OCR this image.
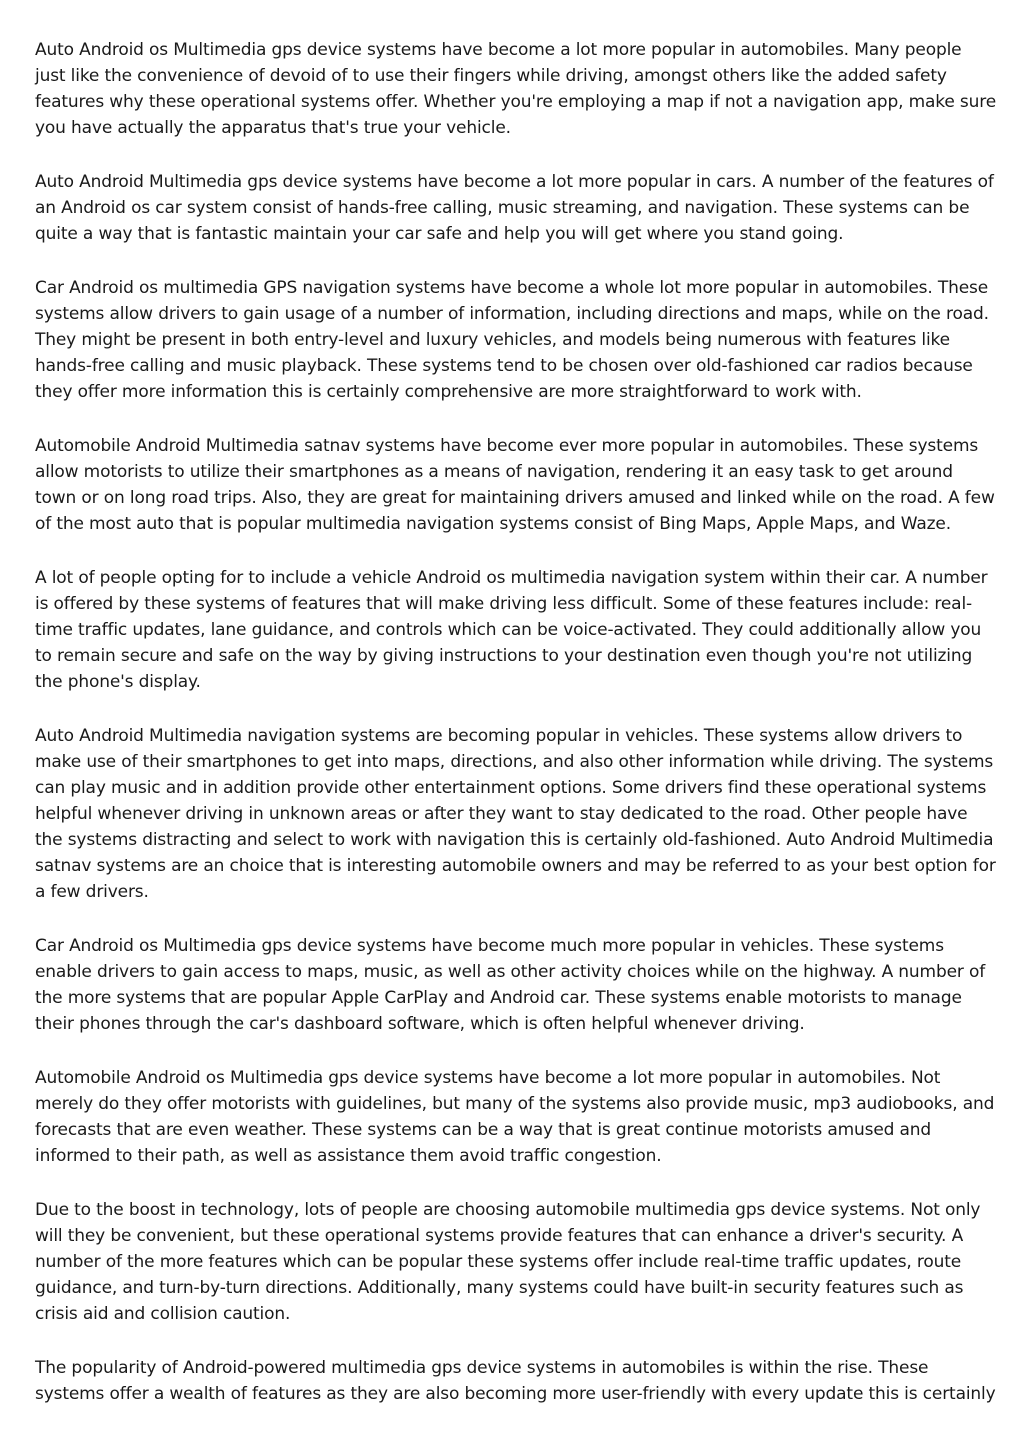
Auto Android os Multimedia gps device systems have become a lot more popular in automobiles. Many people just like the convenience of devoid of to use their fingers while driving, amongst others like the added safety features why these operational systems offer. Whether you're employing a map if not a navigation app, make sure you have actually the apparatus that's true your vehicle.

Auto Android Multimedia gps device systems have become a lot more popular in cars. A number of the features of an Android os car system consist of hands-free calling, music streaming, and navigation. These systems can be quite a way that is fantastic maintain your car safe and help you will get where you stand going.

Car Android os multimedia GPS navigation systems have become a whole lot more popular in automobiles. These systems allow drivers to gain usage of a number of information, including directions and maps, while on the road. They might be present in both entry-level and luxury vehicles, and models being numerous with features like hands-free calling and music playback. These systems tend to be chosen over old-fashioned car radios because they offer more information this is certainly comprehensive are more straightforward to work with.

Automobile Android Multimedia satnav systems have become ever more popular in automobiles. These systems allow motorists to utilize their smartphones as a means of navigation, rendering it an easy task to get around town or on long road trips. Also, they are great for maintaining drivers amused and linked while on the road. A few of the most auto that is popular multimedia navigation systems consist of Bing Maps, Apple Maps, and Waze.

A lot of people opting for to include a vehicle Android os multimedia navigation system within their car. A number is offered by these systems of features that will make driving less difficult. Some of these features include: real-time traffic updates, lane guidance, and controls which can be voice-activated. They could additionally allow you to remain secure and safe on the way by giving instructions to your destination even though you're not utilizing the phone's display.

Auto Android Multimedia navigation systems are becoming popular in vehicles. These systems allow drivers to make use of their smartphones to get into maps, directions, and also other information while driving. The systems can play music and in addition provide other entertainment options. Some drivers find these operational systems helpful whenever driving in unknown areas or after they want to stay dedicated to the road. Other people have the systems distracting and select to work with navigation this is certainly old-fashioned. Auto Android Multimedia satnav systems are an choice that is interesting automobile owners and may be referred to as your best option for a few drivers.

Car Android os Multimedia gps device systems have become much more popular in vehicles. These systems enable drivers to gain access to maps, music, as well as other activity choices while on the highway. A number of the more systems that are popular Apple CarPlay and Android car. These systems enable motorists to manage their phones through the car's dashboard software, which is often helpful whenever driving.

Automobile Android os Multimedia gps device systems have become a lot more popular in automobiles. Not merely do they offer motorists with guidelines, but many of the systems also provide music, mp3 audiobooks, and forecasts that are even weather. These systems can be a way that is great continue motorists amused and informed to their path, as well as assistance them avoid traffic congestion.

Due to the boost in technology, lots of people are choosing automobile multimedia gps device systems. Not only will they be convenient, but these operational systems provide features that can enhance a driver's security. A number of the more features which can be popular these systems offer include real-time traffic updates, route guidance, and turn-by-turn directions. Additionally, many systems could have built-in security features such as crisis aid and collision caution.

The popularity of Android-powered multimedia gps device systems in automobiles is within the rise. These systems offer a wealth of features as they are also becoming more user-friendly with every update this is certainly
